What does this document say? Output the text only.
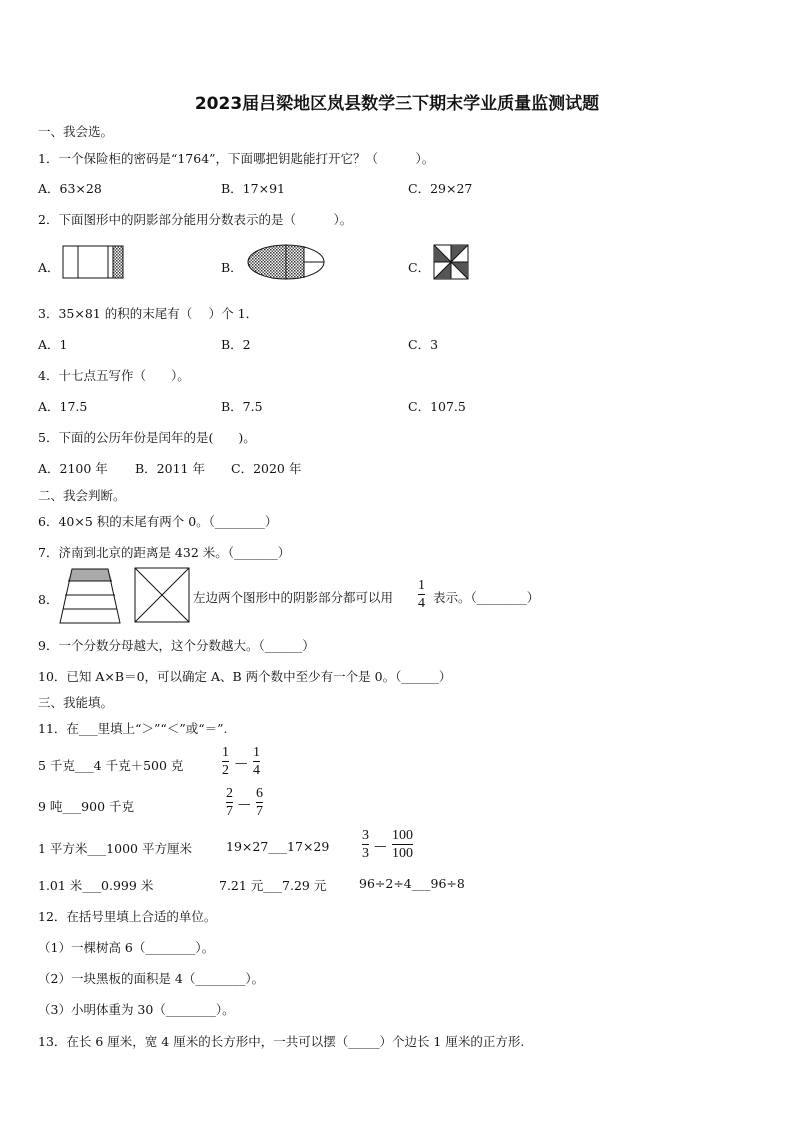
2023届吕梁地区岚县数学三下期末学业质量监测试题
一、我会选。
1．一个保险柜的密码是“1764”，下面哪把钥匙能打开它？（　　　）。
A．63×28	B．17×91	C．29×27
2．下面图形中的阴影部分能用分数表示的是（　　　）。
A．	B．	C．
3．35×81 的积的末尾有（　 ）个 1．
A．1	B．2	C．3
4．十七点五写作（　　）。
A．17.5	B．7.5	C．107.5
5．下面的公历年份是闰年的是(　　)。
A．2100 年 B．2011 年 C．2020 年
二、我会判断。
6．40×5 积的末尾有两个 0。（________）
7．济南到北京的距离是 432 米。（_______）
8．	左边两个图形中的阴影部分都可以用
1
4 表示。（________）
9．一个分数分母越大，这个分数越大。（______）
10．已知 A×B＝0，可以确定 A、B 两个数中至少有一个是 0。（______）
三、我能填。
11．在___里填上“＞”“＜”或“＝”.
5 千克___4 千克＋500 克
1
2
—
1
4
9 吨___900 千克
2
7
—
6
7
1 平方米___1000 平方厘米	19×27___17×29
3
3
—
100
100
1.01 米___0.999 米	7.21 元___7.29 元	96÷2÷4___96÷8
12．在括号里填上合适的单位。
（1）一棵树高 6（________）。
（2）一块黑板的面积是 4（________）。
（3）小明体重为 30（________）。
13．在长 6 厘米，宽 4 厘米的长方形中，一共可以摆（_____）个边长 1 厘米的正方形.
